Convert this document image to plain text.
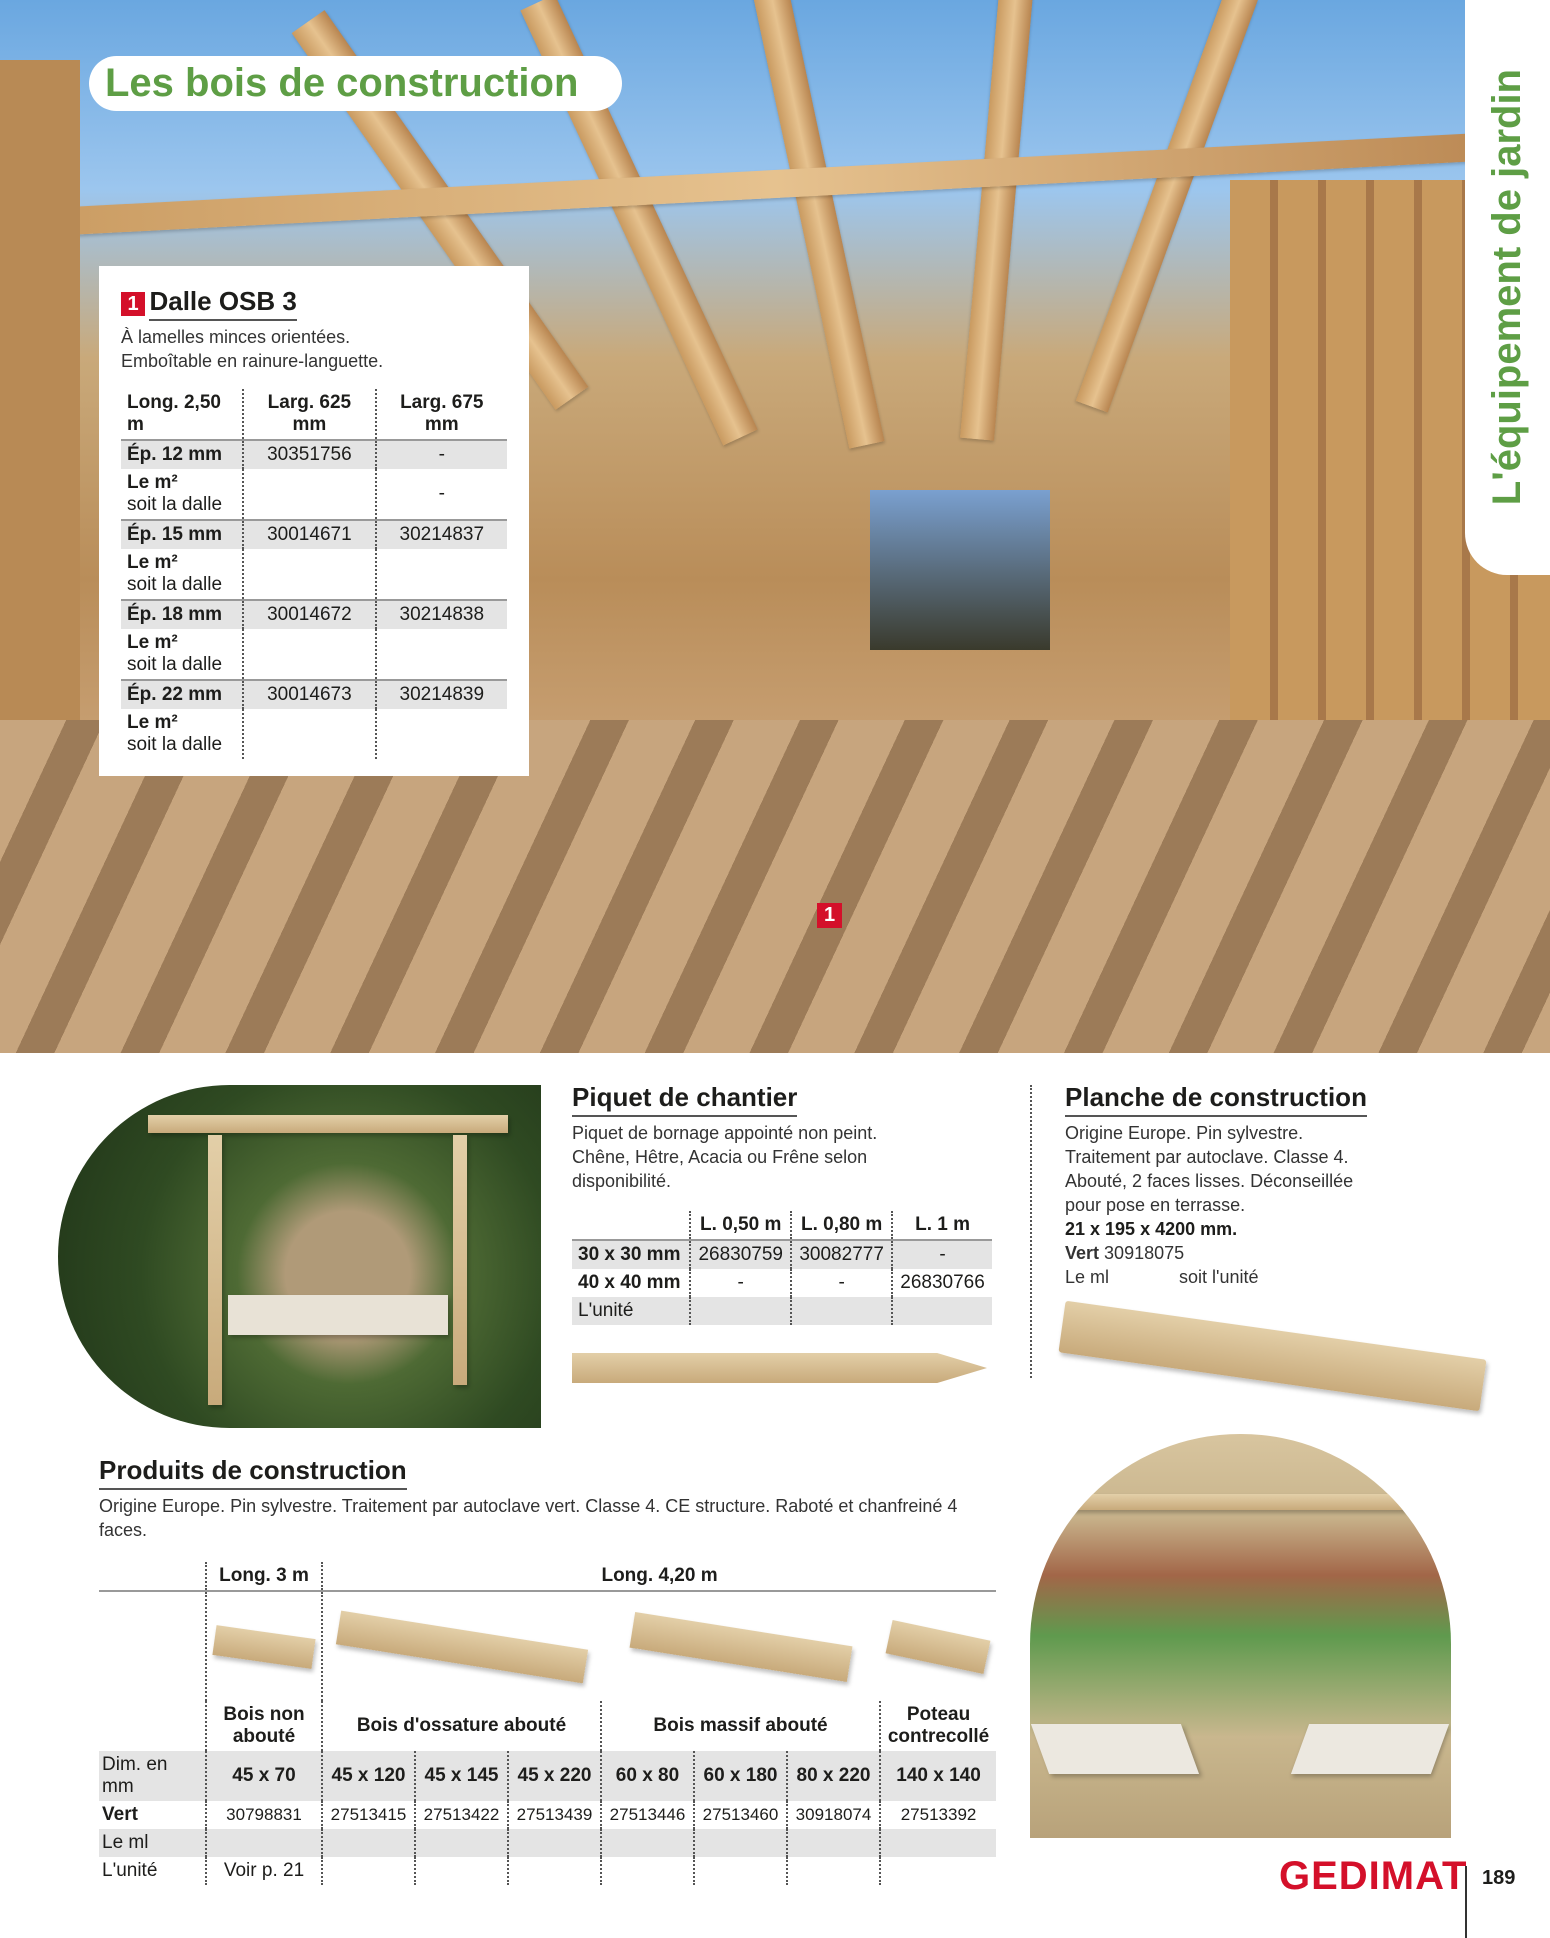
Les bois de construction	L'équipement de jardin
1 Dalle OSB 3
À lamelles minces orientées.
Emboîtable en rainure-languette.
Long. 2,50 m	Larg. 625 mm	Larg. 675 mm
Ép. 12 mm	30351756	-
Le m²
soit la dalle		-
Ép. 15 mm	30014671	30214837
Le m²
soit la dalle		
Ép. 18 mm	30014672	30214838
Le m²
soit la dalle		
Ép. 22 mm	30014673	30214839
Le m²
soit la dalle		
1
Piquet de chantier
Piquet de bornage appointé non peint.
Chêne, Hêtre, Acacia ou Frêne selon
disponibilité.
	L. 0,50 m	L. 0,80 m	L. 1 m
30 x 30 mm	26830759	30082777	-
40 x 40 mm	-	-	26830766
L'unité			
Planche de construction
Origine Europe. Pin sylvestre.
Traitement par autoclave. Classe 4.
Abouté, 2 faces lisses. Déconseillée
pour pose en terrasse.
21 x 195 x 4200 mm.
Vert 30918075
Le ml	soit l'unité
Produits de construction
Origine Europe. Pin sylvestre. Traitement par autoclave vert. Classe 4. CE structure. Raboté et chanfreiné 4 faces.
	Long. 3 m	Long. 4,20 m						

	Bois non abouté	Bois d'ossature abouté			Bois massif abouté			Poteau contrecollé
Dim. en mm	45 x 70	45 x 120	45 x 145	45 x 220	60 x 80	60 x 180	80 x 220	140 x 140
Vert	30798831	27513415	27513422	27513439	27513446	27513460	30918074	27513392
Le ml								
L'unité	Voir p. 21								GEDIMAT 189
